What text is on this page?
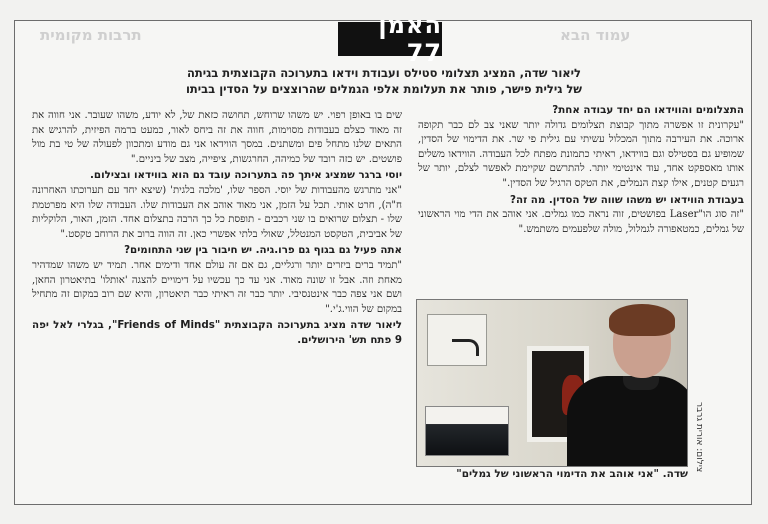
תרבות מקומית	עמוד הבא
האמן 77
ליאור שדה, המציג תצלומי סטילס ועבודת וידאו בתערוכה הקבוצתית בגיתה
של גילית פישר, פותר את תעלומת אלפי הגמלים שהרוצצים על הסדין בביתו

התצלומים והווידאו הם יחד עבודה אחת?

"עקרונית זו אפשרה מתוך קבוצת תצלומים גדולה יותר שאני צב לם כבר תקופה ארוכה. את העירבה מתוך המכלול עשיתי עם גילית פי שר. את הדימוי של הסדין, שמופיע גם בסטילס וגם בווידאו, ראיתי כתמונת מפתח לכל העבודה. הווידאו משלים אותו מאספקט אחד, עוד אינטימי יותר. להתרשם שקיימת לאפשר לצלם, יותר של רגעים קטנים, אילו קצת הנמלים, את הטקס הרגיל של הסדין."

בעבודת הווידאו יש משהו שווה של הסדין. מה זה?

"זה סוג הו"Laser בפושטים, זוה נראה כמו גמלים. אני אוהב את הדי מוי הראשוני של גמלים, כמטאפורה לגמלול, מולה שלפעמים משתמש."

שים בו באופן רפוי. יש משהו שרוחש, תחושה כזאת של, לא יודע, משהו שעובר. אני חווה את זה מאוד כצלם בעבודות מסוימות, חווה את זה ביחס לאור, כמעט ברמה הפיזית, להרגיש את התאים שלנו מתחל פים ומשתנים. במסך הווידאו אני גם מודע ומתכוון לפעולה של טי בת מול פושטים. יש כזה רובד של כמיהה, החרגשות, ציפייה, מצב של ביניים."

יוסי ברגר שמציג איתך פה בתערוכה עובד גם הוא בווידאו ובצילום.

"אני מתרגש מהעבודות של יוסי. הספר שלו, 'מלכה בלגית' (שיצא יחד עם תערוכתו האחרונה ח"ה), חרט אותי. תכל על הזמן, אני מאוד אוהב את העבודות שלו. העבודה שלו היא מפרטמת שלו - תצלום שרואים בו שני רכבים - תופסת כל כך הרבה בתצלום אחד. הזמן, האור, הלוקליות של אביבית, הטקסט המנטלל, שאולי בלתי אפשרי כאן. זה הווה ברוב את הרוחב טקסט."

אתה פעיל גם בגוף גם פרו.גיה. יש חיבור בין שני התחומים?

"תמיד ברים ביזרים יותר ורגליים, גם אם זה עולם אחד ודימים אחר. תמיד יש משהו שמדהיר מאחת וזה. אבל זו שונה מאוד. אני עד כך עכשיו על דימויים להצגה 'אותלו' בתיאטרון החאן, ושם אני צפה כבר אינטנסיבי. יותר כבר זה ראיתי כבר תיאטרון, והיא שם רוב במקום זה מתחיל במקום של הווי.ג'י."

ליאור שדה מציג בתערוכה הקבוצתית "Friends of Minds", בגלרי לאל יפה 9 פתח תש' הירושלים.

צילום: אורית גרבר
שדה. "אני אוהב את הדימוי הראשוני של גמלים"
